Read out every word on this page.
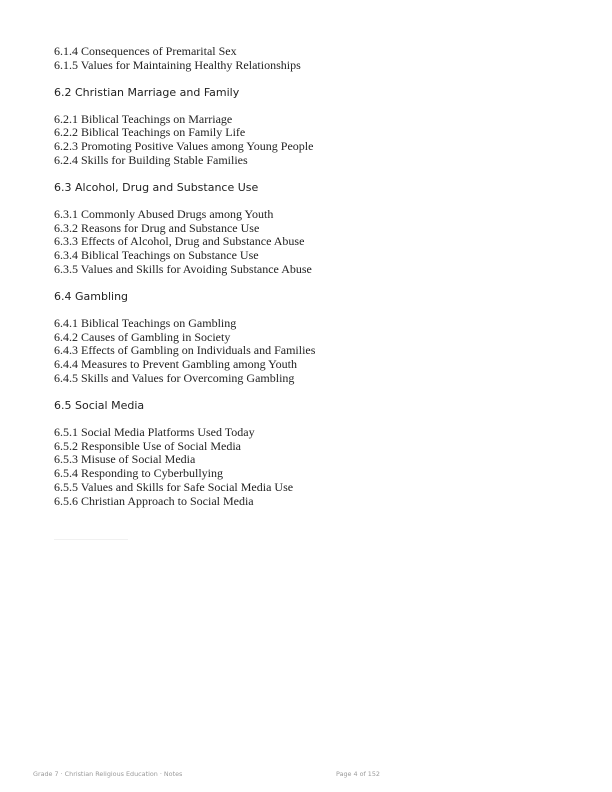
6.1.4 Consequences of Premarital Sex
6.1.5 Values for Maintaining Healthy Relationships
6.2 Christian Marriage and Family
6.2.1 Biblical Teachings on Marriage
6.2.2 Biblical Teachings on Family Life
6.2.3 Promoting Positive Values among Young People
6.2.4 Skills for Building Stable Families
6.3 Alcohol, Drug and Substance Use
6.3.1 Commonly Abused Drugs among Youth
6.3.2 Reasons for Drug and Substance Use
6.3.3 Effects of Alcohol, Drug and Substance Abuse
6.3.4 Biblical Teachings on Substance Use
6.3.5 Values and Skills for Avoiding Substance Abuse
6.4 Gambling
6.4.1 Biblical Teachings on Gambling
6.4.2 Causes of Gambling in Society
6.4.3 Effects of Gambling on Individuals and Families
6.4.4 Measures to Prevent Gambling among Youth
6.4.5 Skills and Values for Overcoming Gambling
6.5 Social Media
6.5.1 Social Media Platforms Used Today
6.5.2 Responsible Use of Social Media
6.5.3 Misuse of Social Media
6.5.4 Responding to Cyberbullying
6.5.5 Values and Skills for Safe Social Media Use
6.5.6 Christian Approach to Social Media
Grade 7 · Christian Religious Education · Notes	Page 4 of 152
